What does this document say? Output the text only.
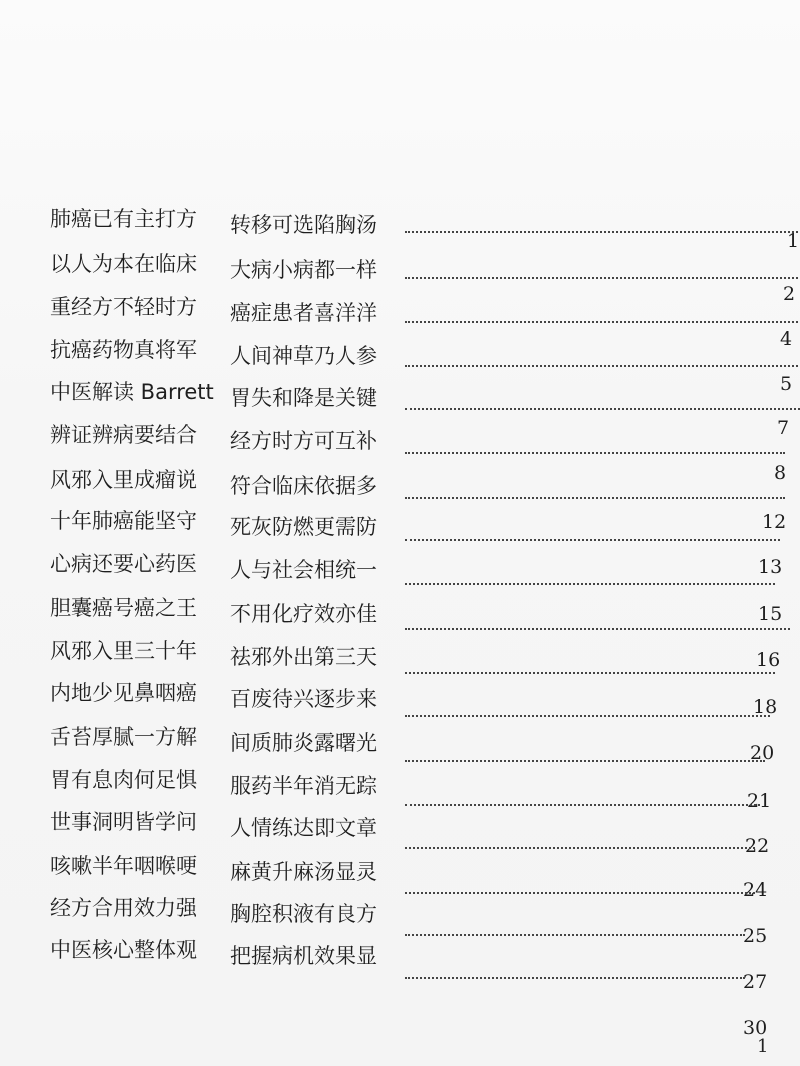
肺癌已有主打方 转移可选陷胸汤
1
以人为本在临床 大病小病都一样
2
重经方不轻时方 癌症患者喜洋洋
4
抗癌药物真将军 人间神草乃人参
5
中医解读 Barrett 胃失和降是关键
7
辨证辨病要结合 经方时方可互补
8
风邪入里成瘤说 符合临床依据多
12
十年肺癌能坚守 死灰防燃更需防
13
心病还要心药医 人与社会相统一
15
胆囊癌号癌之王 不用化疗效亦佳
16
风邪入里三十年 祛邪外出第三天
18
内地少见鼻咽癌 百废待兴逐步来
20
舌苔厚腻一方解 间质肺炎露曙光
21
胃有息肉何足惧 服药半年消无踪
22
世事洞明皆学问 人情练达即文章
24
咳嗽半年咽喉哽 麻黄升麻汤显灵
25
经方合用效力强 胸腔积液有良方
27
中医核心整体观 把握病机效果显
30
1
